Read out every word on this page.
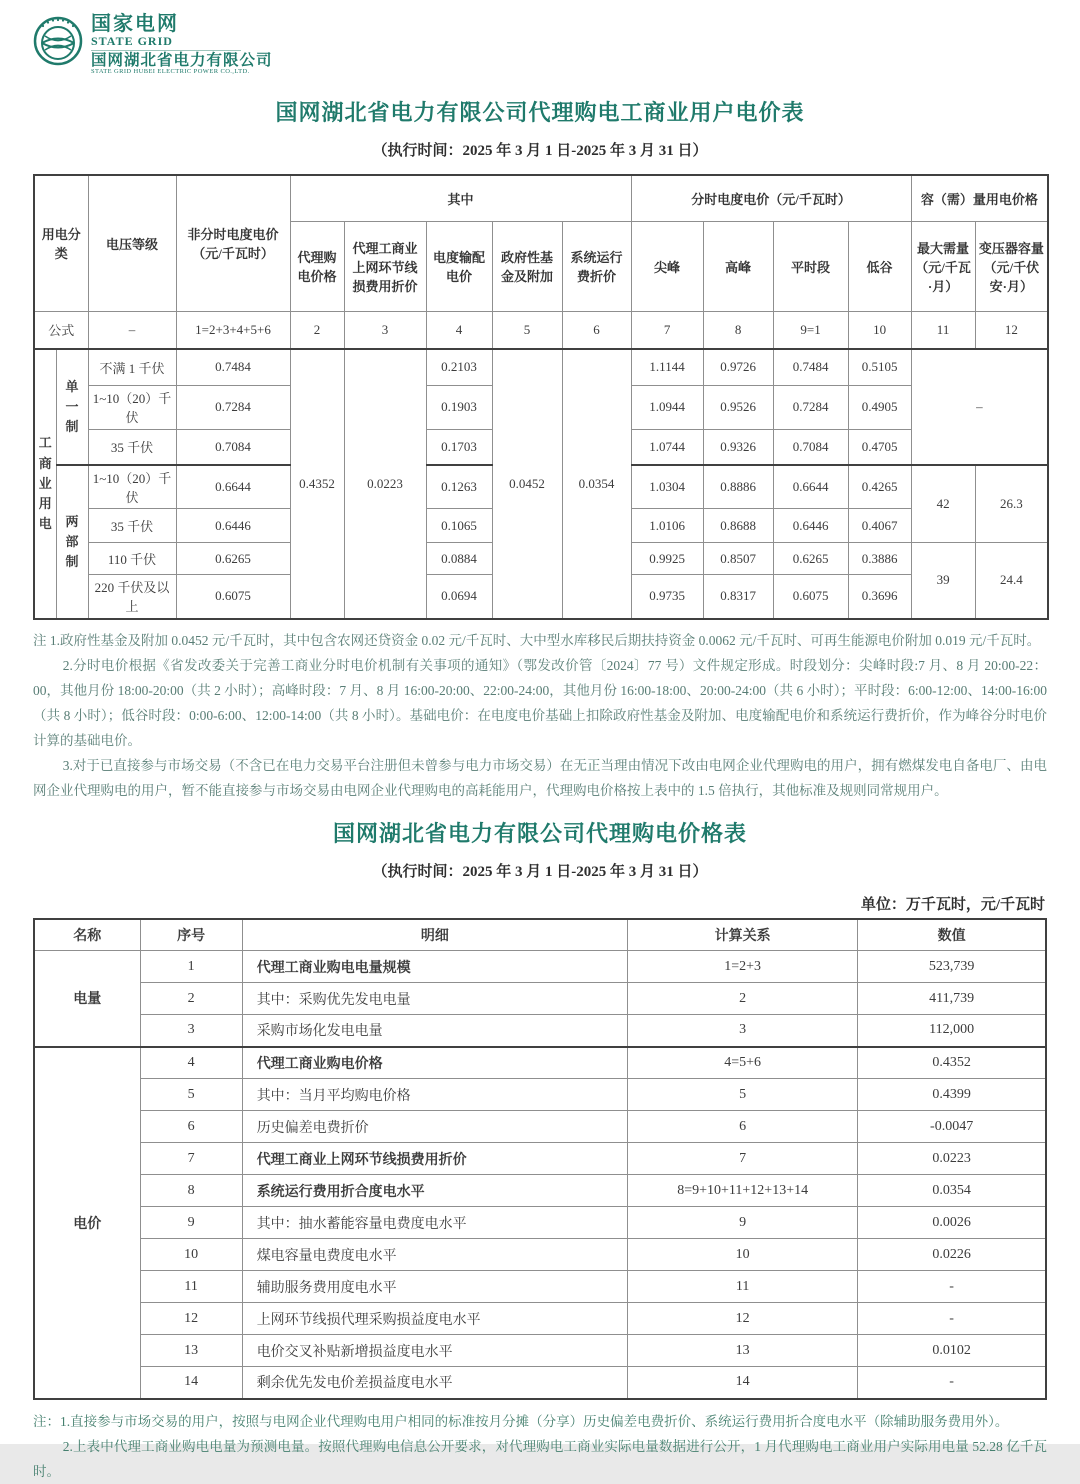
国家电网
STATE GRID
国网湖北省电力有限公司
STATE GRID HUBEI ELECTRIC POWER CO.,LTD.
国网湖北省电力有限公司代理购电工商业用户电价表
（执行时间：2025 年 3 月 1 日-2025 年 3 月 31 日）
用电分类		电压等级	非分时电度电价（元/千瓦时）	其中					分时电度电价（元/千瓦时）				容（需）量用电价格	
				代理购电价格	代理工商业上网环节线损费用折价	电度输配电价	政府性基金及附加	系统运行费折价	尖峰	高峰	平时段	低谷	最大需量（元/千瓦·月）	变压器容量（元/千伏安·月）
公式		–	1=2+3+4+5+6	2	3	4	5	6	7	8	9=1	10	11	12

工商业用电	单一制	不满 1 千伏	0.7484	0.4352	0.0223	0.2103	0.0452	0.0354	1.1144	0.9726	0.7484	0.5105	–	
		1~10（20）千伏	0.7284			0.1903			1.0944	0.9526	0.7284	0.4905		
		35 千伏	0.7084			0.1703			1.0744	0.9326	0.7084	0.4705		

	两部制	1~10（20）千伏	0.6644			0.1263			1.0304	0.8886	0.6644	0.4265	42	26.3
		35 千伏	0.6446			0.1065			1.0106	0.8688	0.6446	0.4067		
		110 千伏	0.6265			0.0884			0.9925	0.8507	0.6265	0.3886	39	24.4
		220 千伏及以上	0.6075			0.0694			0.9735	0.8317	0.6075	0.3696		

注 1.政府性基金及附加 0.0452 元/千瓦时，其中包含农网还贷资金 0.02 元/千瓦时、大中型水库移民后期扶持资金 0.0062 元/千瓦时、可再生能源电价附加 0.019 元/千瓦时。

2.分时电价根据《省发改委关于完善工商业分时电价机制有关事项的通知》（鄂发改价管〔2024〕77 号）文件规定形成。时段划分：尖峰时段:7 月、8 月 20:00-22：00，其他月份 18:00-20:00（共 2 小时）；高峰时段：7 月、8 月 16:00-20:00、22:00-24:00，其他月份 16:00-18:00、20:00-24:00（共 6 小时）；平时段：6:00-12:00、14:00-16:00（共 8 小时）；低谷时段：0:00-6:00、12:00-14:00（共 8 小时）。基础电价：在电度电价基础上扣除政府性基金及附加、电度输配电价和系统运行费折价，作为峰谷分时电价计算的基础电价。

3.对于已直接参与市场交易（不含已在电力交易平台注册但未曾参与电力市场交易）在无正当理由情况下改由电网企业代理购电的用户，拥有燃煤发电自备电厂、由电网企业代理购电的用户，暂不能直接参与市场交易由电网企业代理购电的高耗能用户，代理购电价格按上表中的 1.5 倍执行，其他标准及规则同常规用户。

国网湖北省电力有限公司代理购电价格表
（执行时间：2025 年 3 月 1 日-2025 年 3 月 31 日）
单位：万千瓦时，元/千瓦时
名称	序号	明细	计算关系	数值
电量	1	代理工商业购电电量规模	1=2+3	523,739
	2	其中：采购优先发电电量	2	411,739
	3	采购市场化发电电量	3	112,000
电价	4	代理工商业购电价格	4=5+6	0.4352
	5	其中：当月平均购电价格	5	0.4399
	6	历史偏差电费折价	6	-0.0047
	7	代理工商业上网环节线损费用折价	7	0.0223
	8	系统运行费用折合度电水平	8=9+10+11+12+13+14	0.0354
	9	其中：抽水蓄能容量电费度电水平	9	0.0026
	10	煤电容量电费度电水平	10	0.0226
	11	辅助服务费用度电水平	11	-
	12	上网环节线损代理采购损益度电水平	12	-
	13	电价交叉补贴新增损益度电水平	13	0.0102
	14	剩余优先发电价差损益度电水平	14	-

注：1.直接参与市场交易的用户，按照与电网企业代理购电用户相同的标准按月分摊（分享）历史偏差电费折价、系统运行费用折合度电水平（除辅助服务费用外）。

2.上表中代理工商业购电电量为预测电量。按照代理购电信息公开要求，对代理购电工商业实际电量数据进行公开，1 月代理购电工商业用户实际用电量 52.28 亿千瓦时。
